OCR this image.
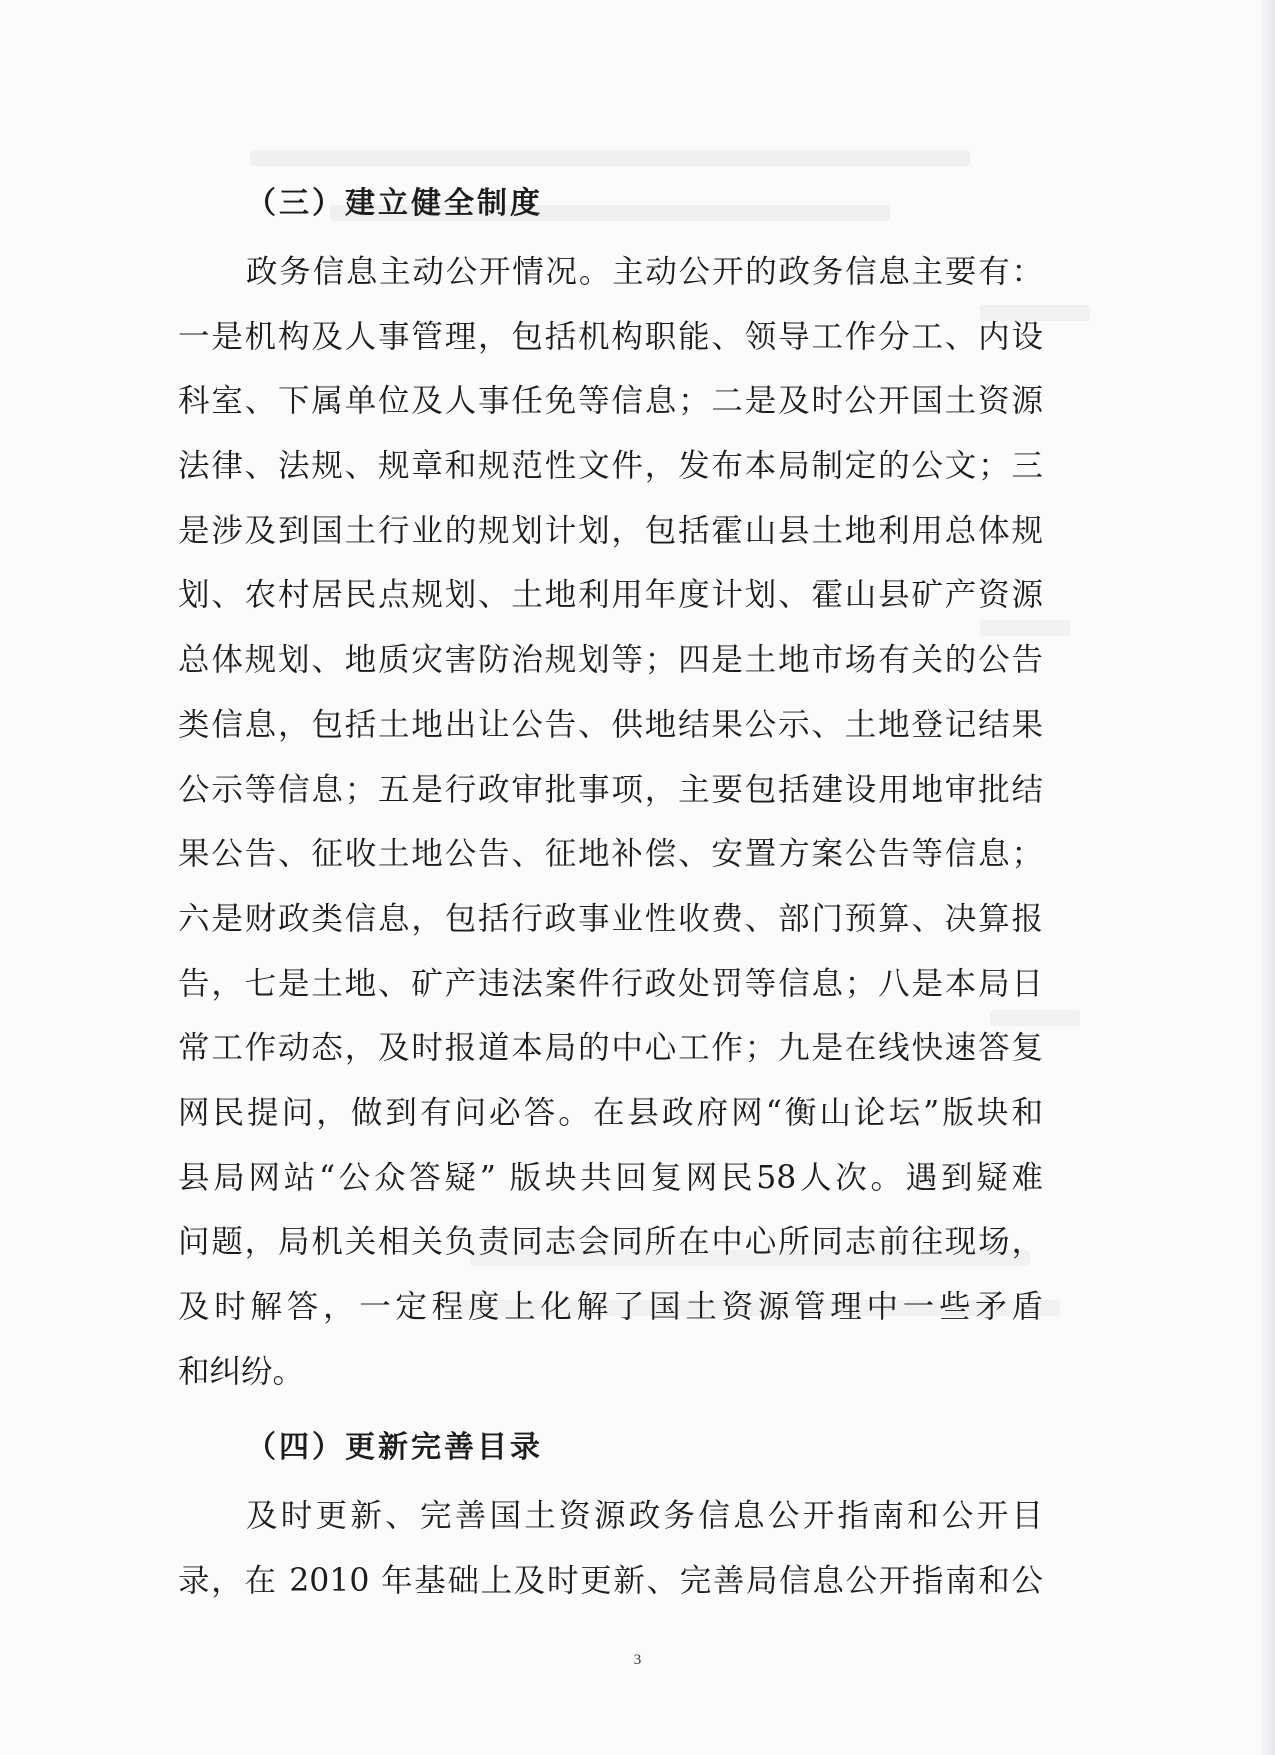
（三）建立健全制度

政务信息主动公开情况。主动公开的政务信息主要有：
一是机构及人事管理，包括机构职能、领导工作分工、内设
科室、下属单位及人事任免等信息；二是及时公开国土资源
法律、法规、规章和规范性文件，发布本局制定的公文；三
是涉及到国土行业的规划计划，包括霍山县土地利用总体规
划、农村居民点规划、土地利用年度计划、霍山县矿产资源
总体规划、地质灾害防治规划等；四是土地市场有关的公告
类信息，包括土地出让公告、供地结果公示、土地登记结果
公示等信息；五是行政审批事项，主要包括建设用地审批结
果公告、征收土地公告、征地补偿、安置方案公告等信息；
六是财政类信息，包括行政事业性收费、部门预算、决算报
告，七是土地、矿产违法案件行政处罚等信息；八是本局日
常工作动态，及时报道本局的中心工作；九是在线快速答复
网民提问，做到有问必答。在县政府网“衡山论坛”版块和
县局网站“公众答疑” 版块共回复网民58人次。遇到疑难
问题，局机关相关负责同志会同所在中心所同志前往现场，
及时解答，一定程度上化解了国土资源管理中一些矛盾
和纠纷。

（四）更新完善目录

及时更新、完善国土资源政务信息公开指南和公开目
录，在 2010 年基础上及时更新、完善局信息公开指南和公

3
